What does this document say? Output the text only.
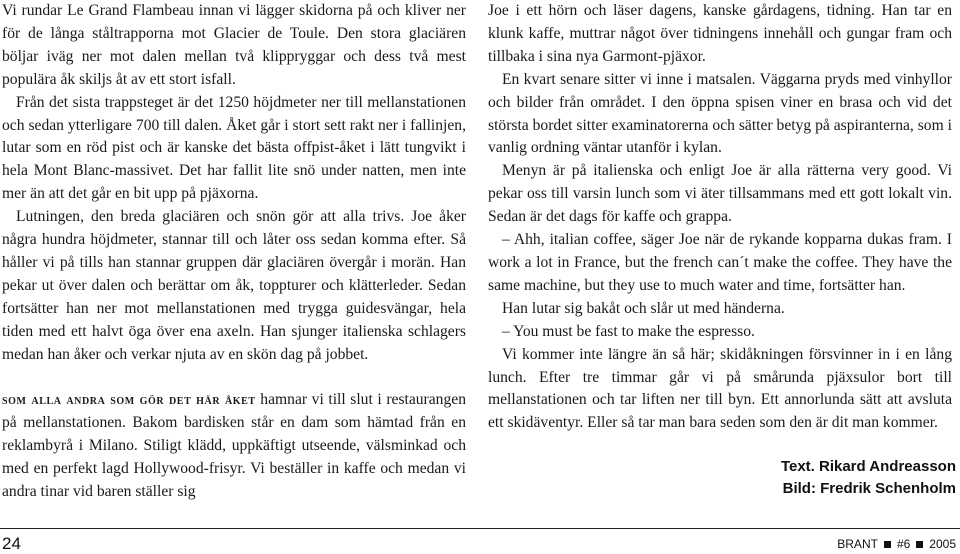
Vi rundar Le Grand Flambeau innan vi lägger skidorna på och kliver ner för de långa ståltrapporna mot Glacier de Toule. Den stora glaciären böljar iväg ner mot dalen mellan två klippryggar och dess två mest populära åk skiljs åt av ett stort isfall.

Från det sista trappsteget är det 1250 höjdmeter ner till mellanstationen och sedan ytterligare 700 till dalen. Åket går i stort sett rakt ner i fallinjen, lutar som en röd pist och är kanske det bästa offpist-åket i lätt tungvikt i hela Mont Blanc-massivet. Det har fallit lite snö under natten, men inte mer än att det går en bit upp på pjäxorna.

Lutningen, den breda glaciären och snön gör att alla trivs. Joe åker några hundra höjdmeter, stannar till och låter oss sedan komma efter. Så håller vi på tills han stannar gruppen där glaciären övergår i morän. Han pekar ut över dalen och berättar om åk, toppturer och klätterleder. Sedan fortsätter han ner mot mellanstationen med trygga guidesvängar, hela tiden med ett halvt öga över ena axeln. Han sjunger italienska schlagers medan han åker och verkar njuta av en skön dag på jobbet.

som alla andra som gör det här åket hamnar vi till slut i restaurangen på mellanstationen. Bakom bardisken står en dam som hämtad från en reklambyrå i Milano. Stiligt klädd, uppkäftigt utseende, välsminkad och med en perfekt lagd Hollywood-frisyr. Vi beställer in kaffe och medan vi andra tinar vid baren ställer sig

Joe i ett hörn och läser dagens, kanske gårdagens, tidning. Han tar en klunk kaffe, muttrar något över tidningens innehåll och gungar fram och tillbaka i sina nya Garmont-pjäxor.

En kvart senare sitter vi inne i matsalen. Väggarna pryds med vinhyllor och bilder från området. I den öppna spisen viner en brasa och vid det största bordet sitter examinatorerna och sätter betyg på aspiranterna, som i vanlig ordning väntar utanför i kylan.

Menyn är på italienska och enligt Joe är alla rätterna very good. Vi pekar oss till varsin lunch som vi äter tillsammans med ett gott lokalt vin. Sedan är det dags för kaffe och grappa.

– Ahh, italian coffee, säger Joe när de rykande kopparna dukas fram. I work a lot in France, but the french can´t make the coffee. They have the same machine, but they use to much water and time, fortsätter han.

Han lutar sig bakåt och slår ut med händerna.

– You must be fast to make the espresso.

Vi kommer inte längre än så här; skidåkningen försvinner in i en lång lunch. Efter tre timmar går vi på smårunda pjäxsulor bort till mellanstationen och tar liften ner till byn. Ett annorlunda sätt att avsluta ett skidäventyr. Eller så tar man bara seden som den är dit man kommer.

Text. Rikard Andreasson
Bild: Fredrik Schenholm
24	BRANT #6 2005
